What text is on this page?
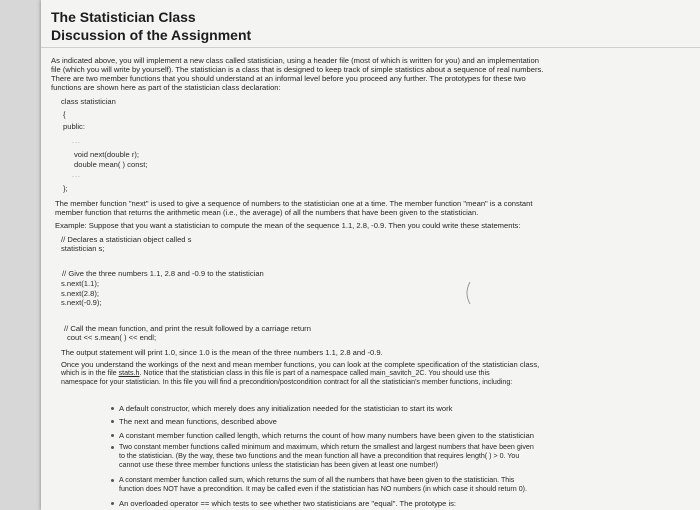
The Statistician Class
Discussion of the Assignment
As indicated above, you will implement a new class called statistician, using a header file (most of which is written for you) and an implementation
file (which you will write by yourself). The statistician is a class that is designed to keep track of simple statistics about a sequence of real numbers.
There are two member functions that you should understand at an informal level before you proceed any further. The prototypes for these two
functions are shown here as part of the statistician class declaration:
class statistician
{
public:
...
void next(double r);
double mean( ) const;
...
};
The member function "next" is used to give a sequence of numbers to the statistician one at a time. The member function "mean" is a constant
member function that returns the arithmetic mean (i.e., the average) of all the numbers that have been given to the statistician.
Example: Suppose that you want a statistician to compute the mean of the sequence 1.1, 2.8, -0.9. Then you could write these statements:
// Declares a statistician object called s
statistician s;
// Give the three numbers 1.1, 2.8 and -0.9 to the statistician
s.next(1.1);
s.next(2.8);
s.next(-0.9);
// Call the mean function, and print the result followed by a carriage return
cout << s.mean( ) << endl;
The output statement will print 1.0, since 1.0 is the mean of the three numbers 1.1, 2.8 and -0.9.
Once you understand the workings of the next and mean member functions, you can look at the complete specification of the statistician class,
which is in the file stats.h. Notice that the statistician class in this file is part of a namespace called main_savitch_2C. You should use this
namespace for your statistician. In this file you will find a precondition/postcondition contract for all the statistician's member functions, including:
A default constructor, which merely does any initialization needed for the statistician to start its work
The next and mean functions, described above
A constant member function called length, which returns the count of how many numbers have been given to the statistician
Two constant member functions called minimum and maximum, which return the smallest and largest numbers that have been given
to the statistician. (By the way, these two functions and the mean function all have a precondition that requires length( ) > 0. You
cannot use these three member functions unless the statistician has been given at least one number!)
A constant member function called sum, which returns the sum of all the numbers that have been given to the statistician. This
function does NOT have a precondition. It may be called even if the statistician has NO numbers (in which case it should return 0).
An overloaded operator == which tests to see whether two statisticians are "equal". The prototype is:
